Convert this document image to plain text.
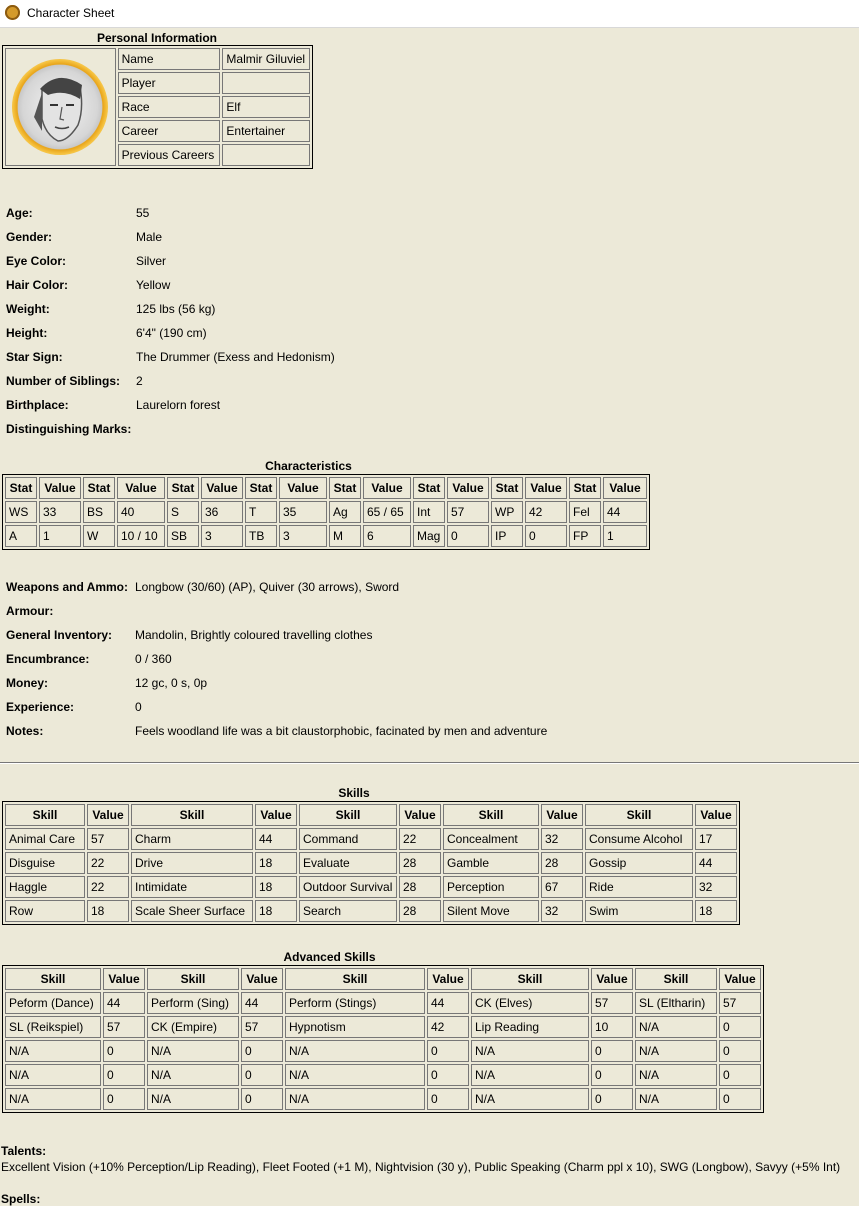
Character Sheet
Personal Information
	Name	Malmir Giluviel
	Player	
	Race	Elf
	Career	Entertainer
	Previous Careers	
Age:	55
Gender:	Male
Eye Color:	Silver
Hair Color:	Yellow
Weight:	125 lbs (56 kg)
Height:	6'4" (190 cm)
Star Sign:	The Drummer (Exess and Hedonism)
Number of Siblings: 2
Birthplace:	Laurelorn forest
Distinguishing Marks:
Characteristics
Stat	Value	Stat	Value	Stat	Value	Stat	Value	Stat	Value	Stat	Value	Stat	Value	Stat	Value
WS	33	BS	40	S	36	T	35	Ag	65 / 65	Int	57	WP	42	Fel	44
A	1	W	10 / 10	SB	3	TB	3	M	6	Mag	0	IP	0	FP	1
Weapons and Ammo: Longbow (30/60) (AP), Quiver (30 arrows), Sword
Armour:
General Inventory: Mandolin, Brightly coloured travelling clothes
Encumbrance:	0 / 360
Money:	12 gc, 0 s, 0p
Experience:	0
Notes:	Feels woodland life was a bit claustorphobic, facinated by men and adventure
Skills
Skill	Value	Skill	Value	Skill	Value	Skill	Value	Skill	Value
Animal Care	57	Charm	44	Command	22	Concealment	32	Consume Alcohol	17
Disguise	22	Drive	18	Evaluate	28	Gamble	28	Gossip	44
Haggle	22	Intimidate	18	Outdoor Survival	28	Perception	67	Ride	32
Row	18	Scale Sheer Surface	18	Search	28	Silent Move	32	Swim	18
Advanced Skills
Skill	Value	Skill	Value	Skill	Value	Skill	Value	Skill	Value
Peform (Dance)	44	Perform (Sing)	44	Perform (Stings)	44	CK (Elves)	57	SL (Eltharin)	57
SL (Reikspiel)	57	CK (Empire)	57	Hypnotism	42	Lip Reading	10	N/A	0
N/A	0	N/A	0	N/A	0	N/A	0	N/A	0
N/A	0	N/A	0	N/A	0	N/A	0	N/A	0
N/A	0	N/A	0	N/A	0	N/A	0	N/A	0
Talents:
Excellent Vision (+10% Perception/Lip Reading), Fleet Footed (+1 M), Nightvision (30 y), Public Speaking (Charm ppl x 10), SWG (Longbow), Savyy (+5% Int)
Spells:
